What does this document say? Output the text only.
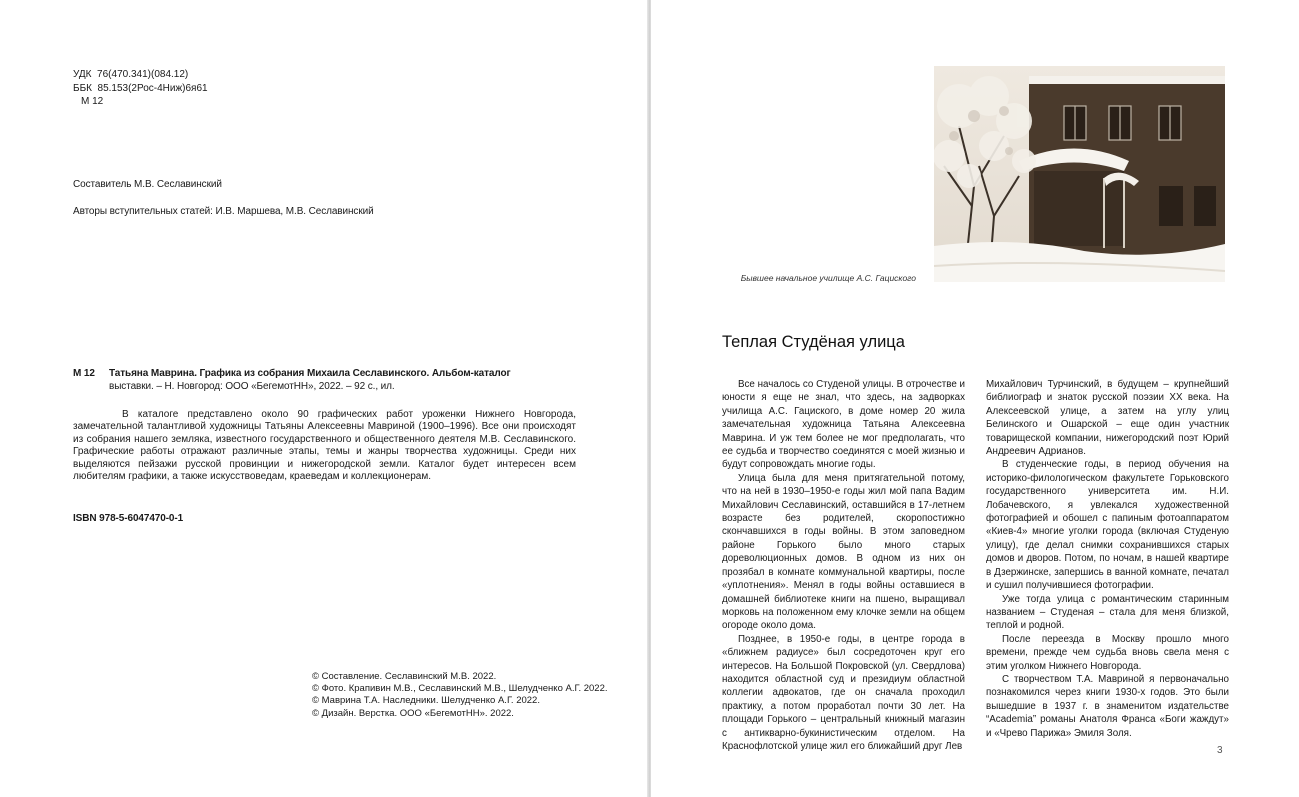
УДК  76(470.341)(084.12)
ББК  85.153(2Рос-4Ниж)6я61
М 12
Составитель М.В. Сеславинский
Авторы вступительных статей: И.В. Маршева, М.В. Сеславинский
М 12	Татьяна Маврина. Графика из собрания Михаила Сеславинского. Альбом-каталог
выставки. – Н. Новгород: ООО «БегемотНН», 2022. – 92 с., ил.

В каталоге представлено около 90 графических работ уроженки Нижнего Новгорода, замечательной талантливой художницы Татьяны Алексеевны Мавриной (1900–1996). Все они происходят из собрания нашего земляка, известного государственного и общественного деятеля М.В. Сеславинского. Графические работы отражают различные этапы, темы и жанры творчества художницы. Среди них выделяются пейзажи русской провинции и нижегородской земли. Каталог будет интересен всем любителям графики, а также искусствоведам, краеведам и коллекционерам.

ISBN 978-5-6047470-0-1
© Составление. Сеславинский М.В. 2022.
© Фото. Крапивин М.В., Сеславинский М.В., Шелудченко А.Г. 2022.
© Маврина Т.А. Наследники. Шелудченко А.Г. 2022.
© Дизайн. Верстка. ООО «БегемотНН». 2022.
Бывшее начальное училище А.С. Гациского
Теплая Студёная улица

Все началось со Студеной улицы. В отрочестве и юности я еще не знал, что здесь, на задворках училища А.С. Гациского, в доме номер 20 жила замечательная художница Татьяна Алексеевна Маврина. И уж тем более не мог предполагать, что ее судьба и творчество соединятся с моей жизнью и будут сопровождать многие годы.

Улица была для меня притягательной потому, что на ней в 1930–1950-е годы жил мой папа Вадим Михайлович Сеславинский, оставшийся в 17-летнем возрасте без родителей, скоропостижно скончавшихся в годы войны. В этом заповедном районе Горького было много старых дореволюционных домов. В одном из них он прозябал в комнате коммунальной квартиры, после «уплотнения». Менял в годы войны оставшиеся в домашней библиотеке книги на пшено, выращивал морковь на положенном ему клочке земли на общем огороде около дома.

Позднее, в 1950-е годы, в центре города в «ближнем радиусе» был сосредоточен круг его интересов. На Большой Покровской (ул. Свердлова) находится областной суд и президиум областной коллегии адвокатов, где он сначала проходил практику, а потом проработал почти 30 лет. На площади Горького – центральный книжный магазин с антикварно-букинистическим отделом. На Краснофлотской улице жил его ближайший друг Лев

Михайлович Турчинский, в будущем – крупнейший библиограф и знаток русской поэзии XX века. На Алексеевской улице, а затем на углу улиц Белинского и Ошарской – еще один участник товарищеской компании, нижегородский поэт Юрий Андреевич Адрианов.

В студенческие годы, в период обучения на историко-филологическом факультете Горьковского государственного университета им. Н.И. Лобачевского, я увлекался художественной фотографией и обошел с папиным фотоаппаратом «Киев-4» многие уголки города (включая Студеную улицу), где делал снимки сохранившихся старых домов и дворов. Потом, по ночам, в нашей квартире в Дзержинске, запершись в ванной комнате, печатал и сушил получившиеся фотографии.

Уже тогда улица с романтическим старинным названием – Студеная – стала для меня близкой, теплой и родной.

После переезда в Москву прошло много времени, прежде чем судьба вновь свела меня с этим уголком Нижнего Новгорода.

С творчеством Т.А. Мавриной я первоначально познакомился через книги 1930-х годов. Это были вышедшие в 1937 г. в знаменитом издательстве “Academia” романы Анатоля Франса «Боги жаждут» и «Чрево Парижа» Эмиля Золя.

3
